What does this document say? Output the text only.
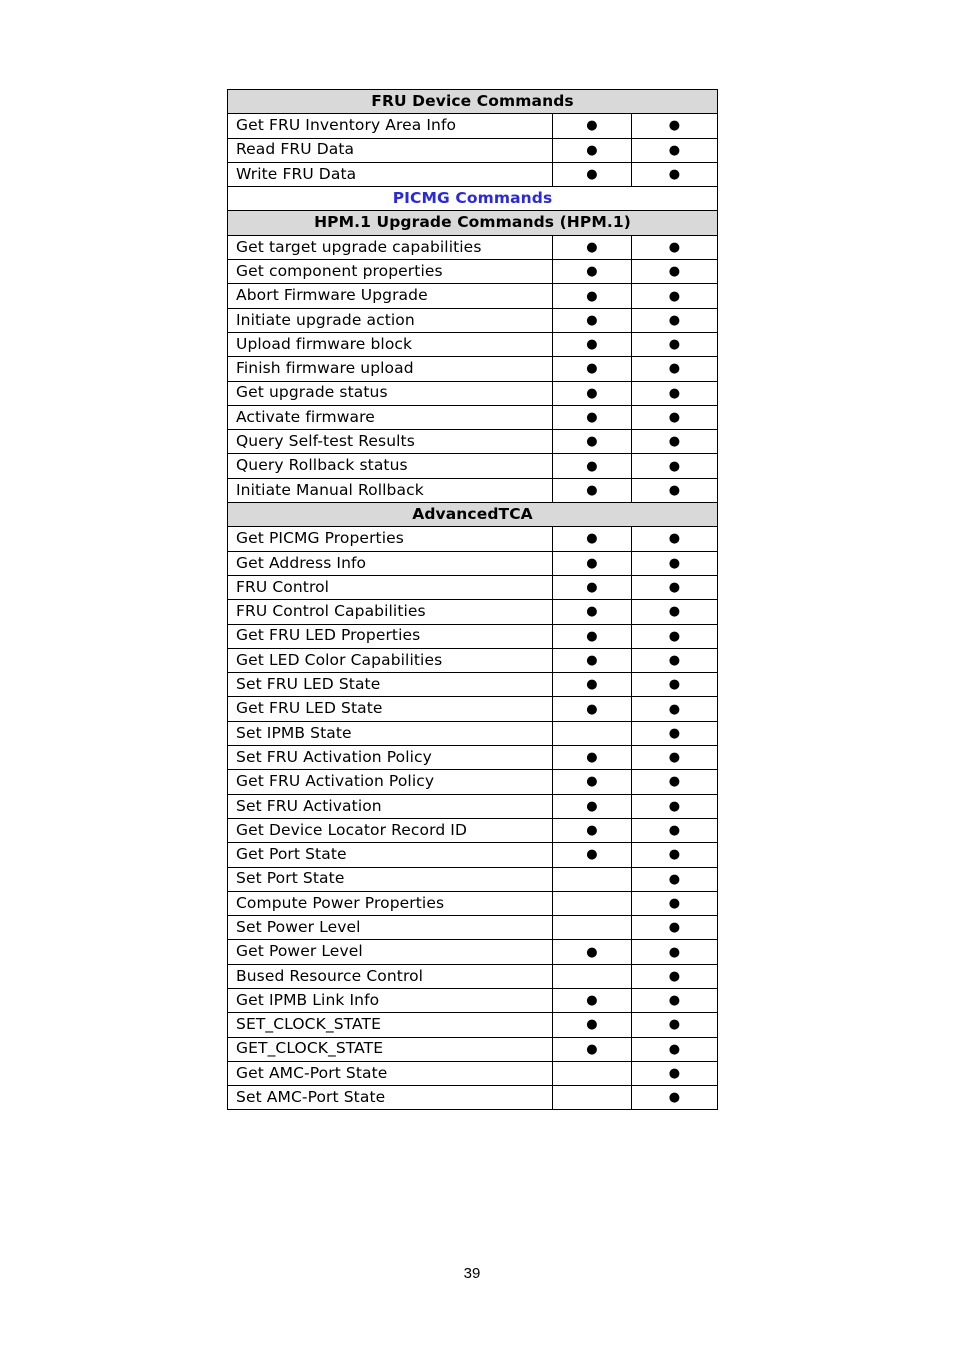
FRU Device Commands		
Get FRU Inventory Area Info	●	●
Read FRU Data	●	●
Write FRU Data	●	●
PICMG Commands		
HPM.1 Upgrade Commands (HPM.1)		
Get target upgrade capabilities	●	●
Get component properties	●	●
Abort Firmware Upgrade	●	●
Initiate upgrade action	●	●
Upload firmware block	●	●
Finish firmware upload	●	●
Get upgrade status	●	●
Activate firmware	●	●
Query Self-test Results	●	●
Query Rollback status	●	●
Initiate Manual Rollback	●	●
AdvancedTCA		
Get PICMG Properties	●	●
Get Address Info	●	●
FRU Control	●	●
FRU Control Capabilities	●	●
Get FRU LED Properties	●	●
Get LED Color Capabilities	●	●
Set FRU LED State	●	●
Get FRU LED State	●	●
Set IPMB State		●
Set FRU Activation Policy	●	●
Get FRU Activation Policy	●	●
Set FRU Activation	●	●
Get Device Locator Record ID	●	●
Get Port State	●	●
Set Port State		●
Compute Power Properties		●
Set Power Level		●
Get Power Level	●	●
Bused Resource Control		●
Get IPMB Link Info	●	●
SET_CLOCK_STATE	●	●
GET_CLOCK_STATE	●	●
Get AMC-Port State		●
Set AMC-Port State		●
39
